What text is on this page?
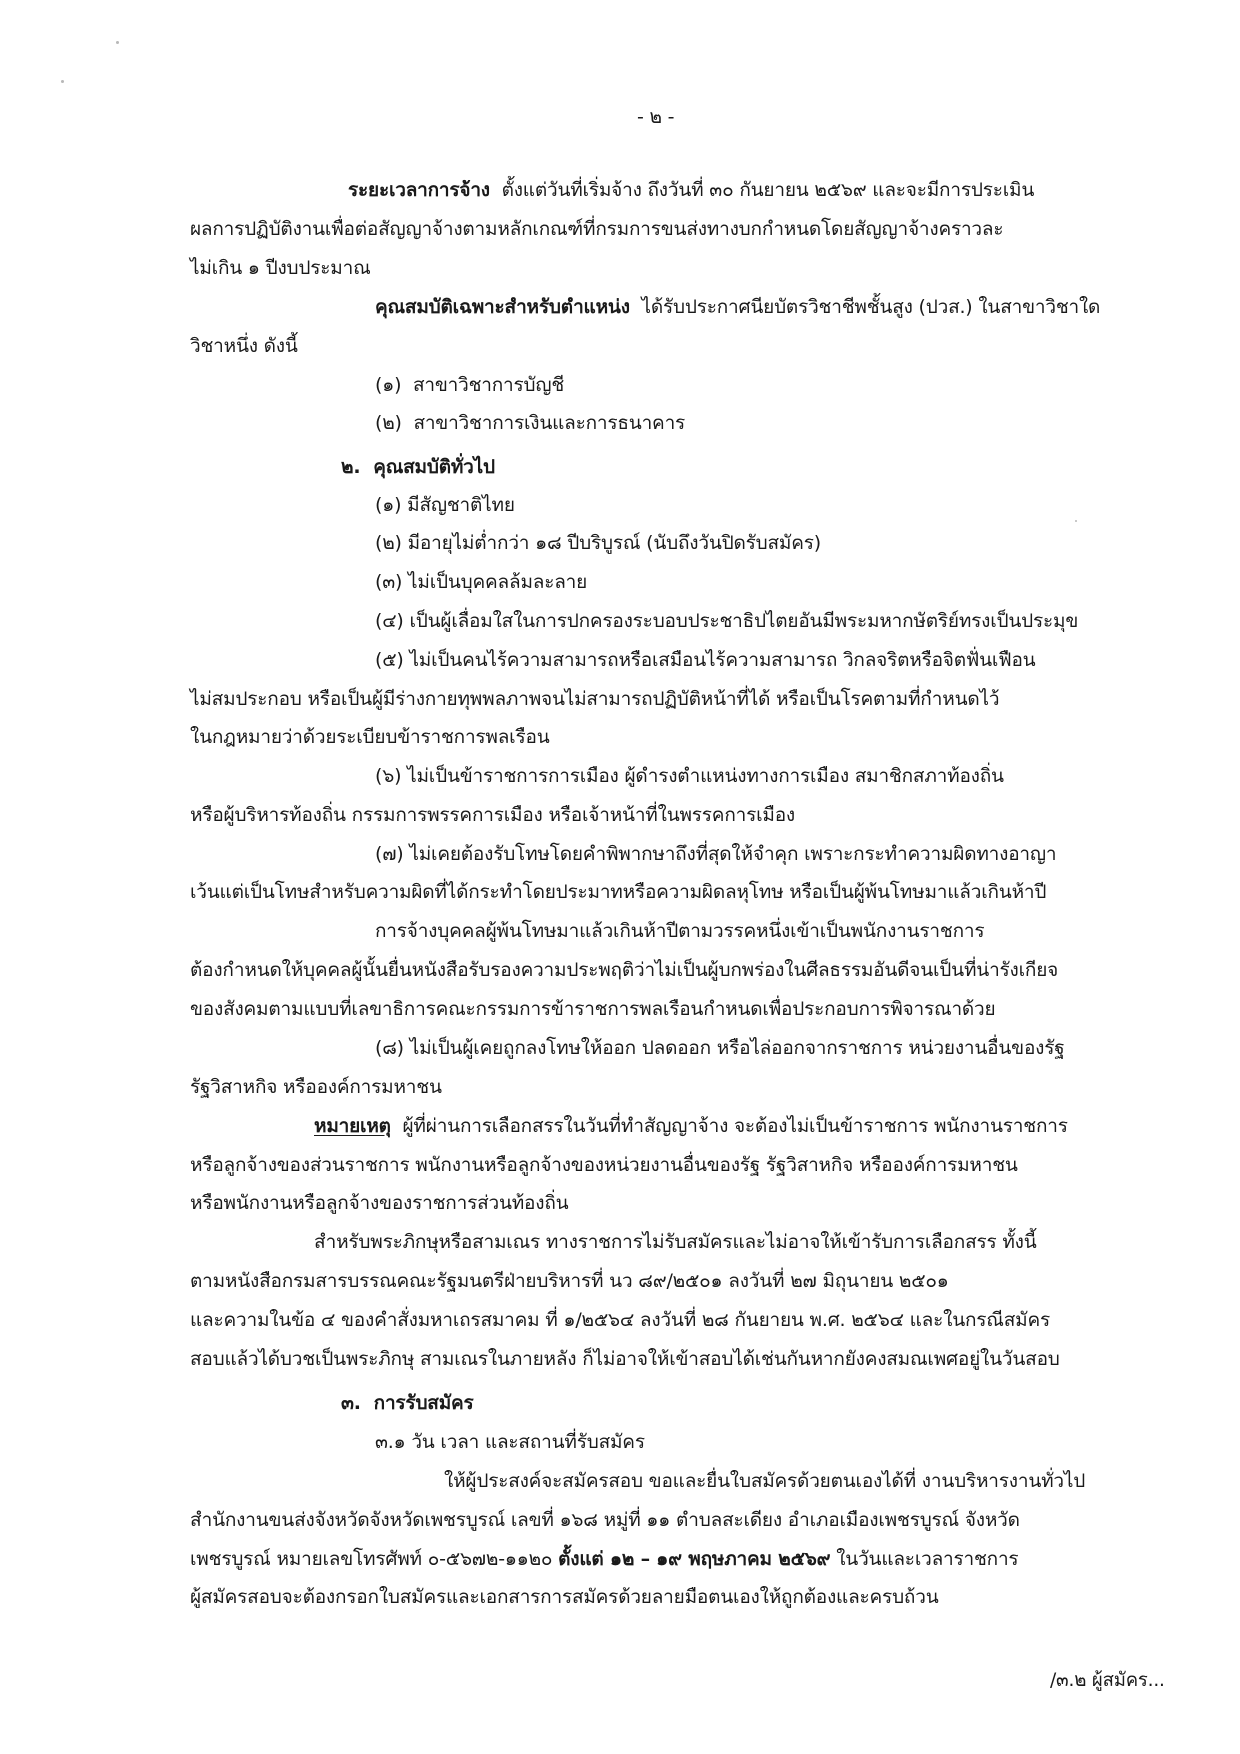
- ๒ -
ระยะเวลาการจ้าง ตั้งแต่วันที่เริ่มจ้าง ถึงวันที่ ๓๐ กันยายน ๒๕๖๙ และจะมีการประเมิน
ผลการปฏิบัติงานเพื่อต่อสัญญาจ้างตามหลักเกณฑ์ที่กรมการขนส่งทางบกกำหนดโดยสัญญาจ้างคราวละ
ไม่เกิน ๑ ปีงบประมาณ
คุณสมบัติเฉพาะสำหรับตำแหน่ง ได้รับประกาศนียบัตรวิชาชีพชั้นสูง (ปวส.) ในสาขาวิชาใด
วิชาหนึ่ง ดังนี้
(๑) สาขาวิชาการบัญชี
(๒) สาขาวิชาการเงินและการธนาคาร
๒. คุณสมบัติทั่วไป
(๑) มีสัญชาติไทย
(๒) มีอายุไม่ต่ำกว่า ๑๘ ปีบริบูรณ์ (นับถึงวันปิดรับสมัคร)
(๓) ไม่เป็นบุคคลล้มละลาย
(๔) เป็นผู้เลื่อมใสในการปกครองระบอบประชาธิปไตยอันมีพระมหากษัตริย์ทรงเป็นประมุข
(๕) ไม่เป็นคนไร้ความสามารถหรือเสมือนไร้ความสามารถ วิกลจริตหรือจิตฟั่นเฟือน
ไม่สมประกอบ หรือเป็นผู้มีร่างกายทุพพลภาพจนไม่สามารถปฏิบัติหน้าที่ได้ หรือเป็นโรคตามที่กำหนดไว้
ในกฎหมายว่าด้วยระเบียบข้าราชการพลเรือน
(๖) ไม่เป็นข้าราชการการเมือง ผู้ดำรงตำแหน่งทางการเมือง สมาชิกสภาท้องถิ่น
หรือผู้บริหารท้องถิ่น กรรมการพรรคการเมือง หรือเจ้าหน้าที่ในพรรคการเมือง
(๗) ไม่เคยต้องรับโทษโดยคำพิพากษาถึงที่สุดให้จำคุก เพราะกระทำความผิดทางอาญา
เว้นแต่เป็นโทษสำหรับความผิดที่ได้กระทำโดยประมาทหรือความผิดลหุโทษ หรือเป็นผู้พ้นโทษมาแล้วเกินห้าปี
การจ้างบุคคลผู้พ้นโทษมาแล้วเกินห้าปีตามวรรคหนึ่งเข้าเป็นพนักงานราชการ
ต้องกำหนดให้บุคคลผู้นั้นยื่นหนังสือรับรองความประพฤติว่าไม่เป็นผู้บกพร่องในศีลธรรมอันดีจนเป็นที่น่ารังเกียจ
ของสังคมตามแบบที่เลขาธิการคณะกรรมการข้าราชการพลเรือนกำหนดเพื่อประกอบการพิจารณาด้วย
(๘) ไม่เป็นผู้เคยถูกลงโทษให้ออก ปลดออก หรือไล่ออกจากราชการ หน่วยงานอื่นของรัฐ
รัฐวิสาหกิจ หรือองค์การมหาชน
หมายเหตุ ผู้ที่ผ่านการเลือกสรรในวันที่ทำสัญญาจ้าง จะต้องไม่เป็นข้าราชการ พนักงานราชการ
หรือลูกจ้างของส่วนราชการ พนักงานหรือลูกจ้างของหน่วยงานอื่นของรัฐ รัฐวิสาหกิจ หรือองค์การมหาชน
หรือพนักงานหรือลูกจ้างของราชการส่วนท้องถิ่น
สำหรับพระภิกษุหรือสามเณร ทางราชการไม่รับสมัครและไม่อาจให้เข้ารับการเลือกสรร ทั้งนี้
ตามหนังสือกรมสารบรรณคณะรัฐมนตรีฝ่ายบริหารที่ นว ๘๙/๒๕๐๑ ลงวันที่ ๒๗ มิถุนายน ๒๕๐๑
และความในข้อ ๔ ของคำสั่งมหาเถรสมาคม ที่ ๑/๒๕๖๔ ลงวันที่ ๒๘ กันยายน พ.ศ. ๒๕๖๔ และในกรณีสมัคร
สอบแล้วได้บวชเป็นพระภิกษุ สามเณรในภายหลัง ก็ไม่อาจให้เข้าสอบได้เช่นกันหากยังคงสมณเพศอยู่ในวันสอบ
๓. การรับสมัคร
๓.๑ วัน เวลา และสถานที่รับสมัคร
ให้ผู้ประสงค์จะสมัครสอบ ขอและยื่นใบสมัครด้วยตนเองได้ที่ งานบริหารงานทั่วไป
สำนักงานขนส่งจังหวัดจังหวัดเพชรบูรณ์ เลขที่ ๑๖๘ หมู่ที่ ๑๑ ตำบลสะเดียง อำเภอเมืองเพชรบูรณ์ จังหวัด
เพชรบูรณ์ หมายเลขโทรศัพท์ ๐-๕๖๗๒-๑๑๒๐ ตั้งแต่ ๑๒ – ๑๙ พฤษภาคม ๒๕๖๙ ในวันและเวลาราชการ
ผู้สมัครสอบจะต้องกรอกใบสมัครและเอกสารการสมัครด้วยลายมือตนเองให้ถูกต้องและครบถ้วน
/๓.๒ ผู้สมัคร...
